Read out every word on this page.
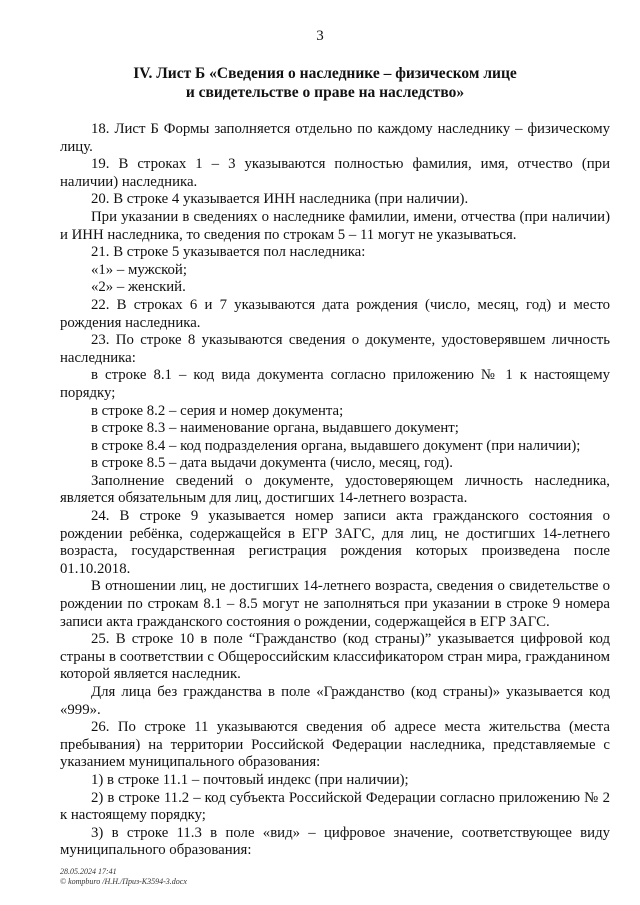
3
IV. Лист Б «Сведения о наследнике – физическом лице
и свидетельстве о праве на наследство»

18. Лист Б Формы заполняется отдельно по каждому наследнику – физическому лицу.

19. В строках 1 – 3 указываются полностью фамилия, имя, отчество (при наличии) наследника.

20. В строке 4 указывается ИНН наследника (при наличии).

При указании в сведениях о наследнике фамилии, имени, отчества (при наличии) и ИНН наследника, то сведения по строкам 5 – 11 могут не указываться.

21. В строке 5 указывается пол наследника:

«1» – мужской;

«2» – женский.

22. В строках 6 и 7 указываются дата рождения (число, месяц, год) и место рождения наследника.

23. По строке 8 указываются сведения о документе, удостоверявшем личность наследника:

в строке 8.1 – код вида документа согласно приложению № 1 к настоящему порядку;

в строке 8.2 – серия и номер документа;

в строке 8.3 – наименование органа, выдавшего документ;

в строке 8.4 – код подразделения органа, выдавшего документ (при наличии);

в строке 8.5 – дата выдачи документа (число, месяц, год).

Заполнение сведений о документе, удостоверяющем личность наследника, является обязательным для лиц, достигших 14-летнего возраста.

24. В строке 9 указывается номер записи акта гражданского состояния о рождении ребёнка, содержащейся в ЕГР ЗАГС, для лиц, не достигших 14-летнего возраста, государственная регистрация рождения которых произведена после 01.10.2018.

В отношении лиц, не достигших 14-летнего возраста, сведения о свидетельстве о рождении по строкам 8.1 – 8.5 могут не заполняться при указании в строке 9 номера записи акта гражданского состояния о рождении, содержащейся в ЕГР ЗАГС.

25. В строке 10 в поле “Гражданство (код страны)” указывается цифровой код страны в соответствии с Общероссийским классификатором стран мира, гражданином которой является наследник.

Для лица без гражданства в поле «Гражданство (код страны)» указывается код «999».

26. По строке 11 указываются сведения об адресе места жительства (места пребывания) на территории Российской Федерации наследника, представляемые с указанием муниципального образования:

1) в строке 11.1 – почтовый индекс (при наличии);

2) в строке 11.2 – код субъекта Российской Федерации согласно приложению № 2 к настоящему порядку;

3) в строке 11.3 в поле «вид» – цифровое значение, соответствующее виду муниципального образования:

28.05.2024 17:41
© kompburo /Н.Н./Приз-К3594-3.docx
